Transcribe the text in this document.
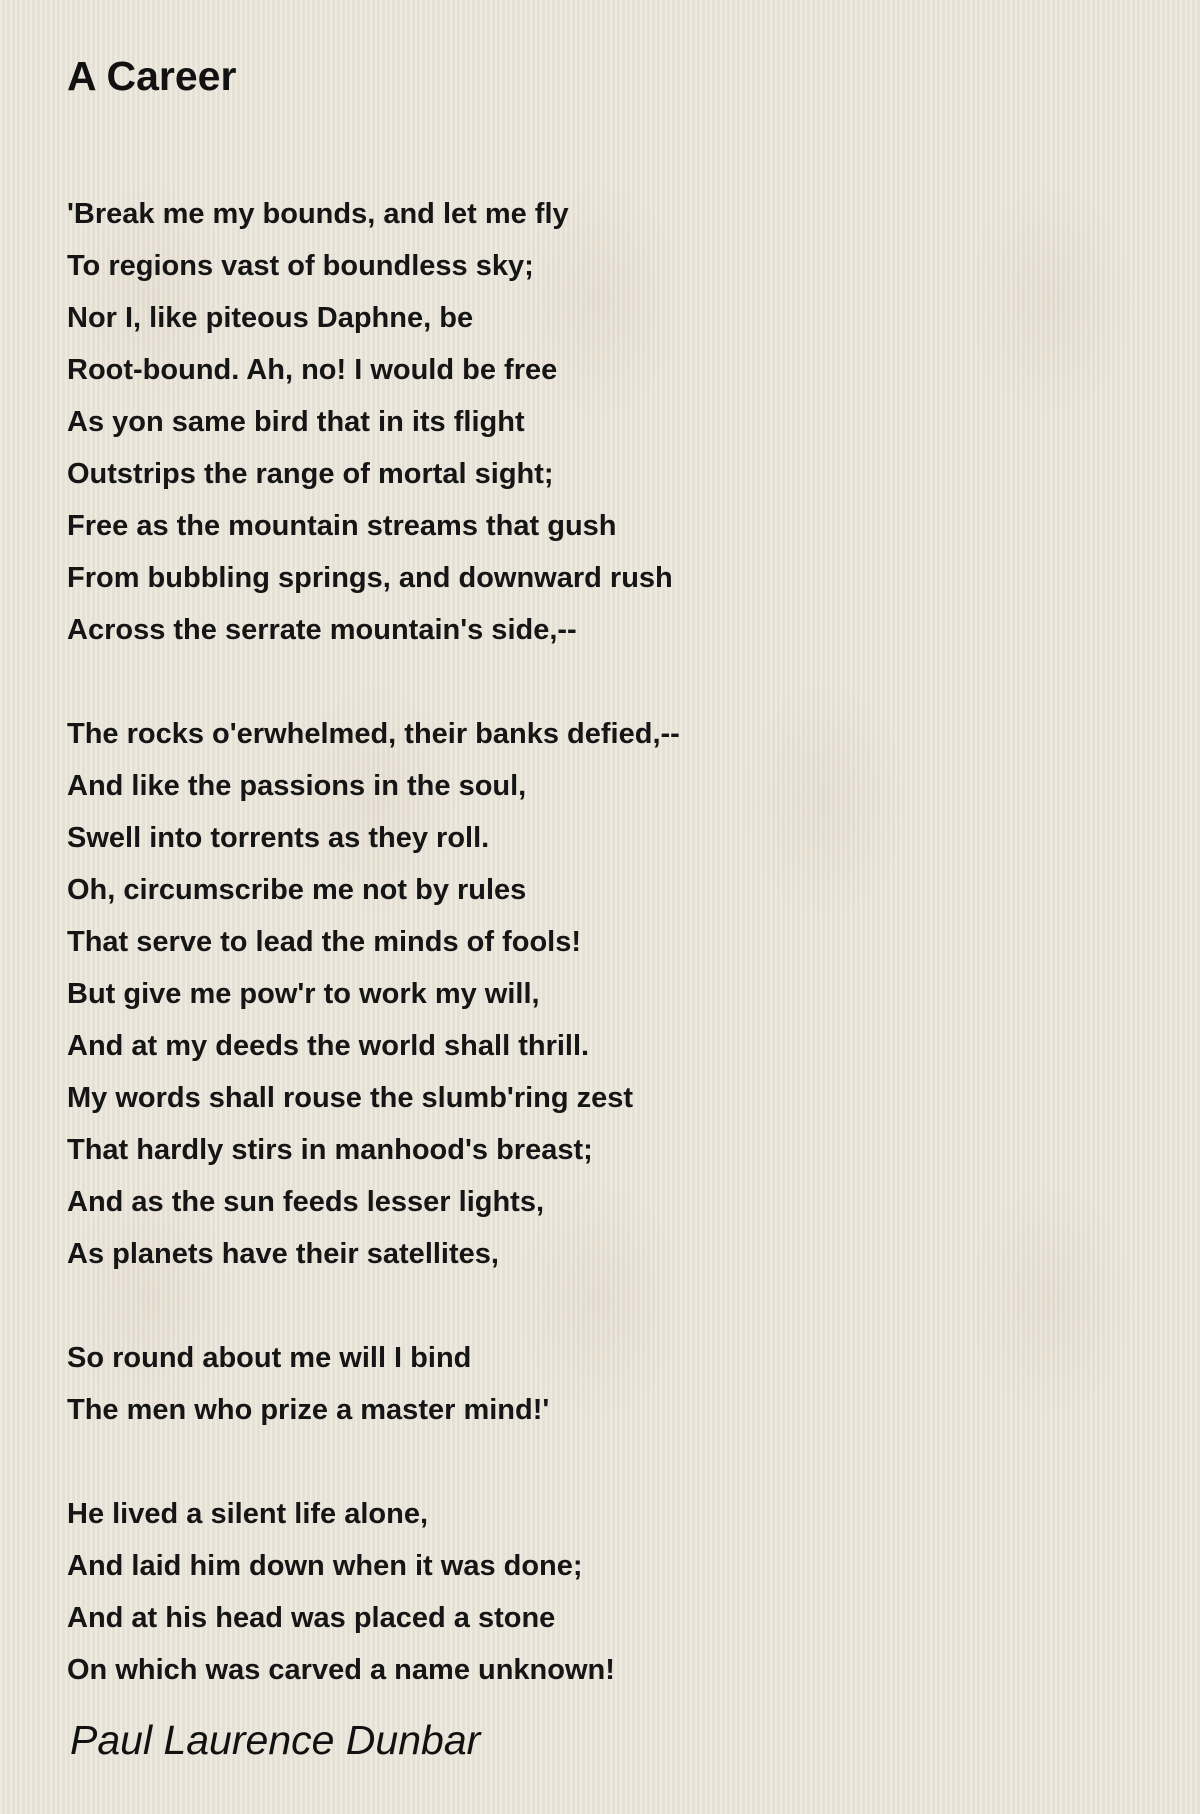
A Career

'Break me my bounds, and let me fly
To regions vast of boundless sky;
Nor I, like piteous Daphne, be
Root-bound. Ah, no! I would be free
As yon same bird that in its flight
Outstrips the range of mortal sight;
Free as the mountain streams that gush
From bubbling springs, and downward rush
Across the serrate mountain's side,--

The rocks o'erwhelmed, their banks defied,--
And like the passions in the soul,
Swell into torrents as they roll.
Oh, circumscribe me not by rules
That serve to lead the minds of fools!
But give me pow'r to work my will,
And at my deeds the world shall thrill.
My words shall rouse the slumb'ring zest
That hardly stirs in manhood's breast;
And as the sun feeds lesser lights,
As planets have their satellites,

So round about me will I bind
The men who prize a master mind!'

He lived a silent life alone,
And laid him down when it was done;
And at his head was placed a stone
On which was carved a name unknown!

Paul Laurence Dunbar
